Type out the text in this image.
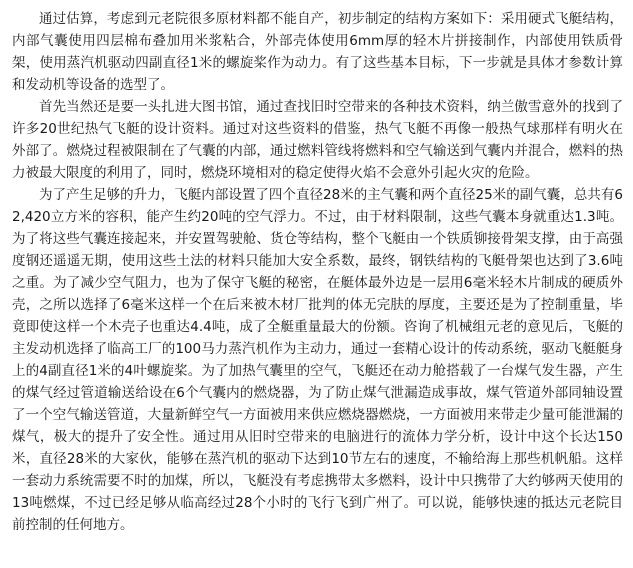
通过估算，考虑到元老院很多原材料都不能自产，初步制定的结构方案如下：采用硬式飞艇结构，内部气囊使用四层棉布叠加用米浆粘合，外部壳体使用6mm厚的轻木片拼接制作，内部使用铁质骨架，使用蒸汽机驱动四副直径1米的螺旋桨作为动力。有了这些基本目标，下一步就是具体才参数计算和发动机等设备的选型了。

首先当然还是要一头扎进大图书馆，通过查找旧时空带来的各种技术资料，纳兰傲雪意外的找到了许多20世纪热气飞艇的设计资料。通过对这些资料的借鉴，热气飞艇不再像一般热气球那样有明火在外部了。燃烧过程被限制在了气囊的内部，通过燃料管线将燃料和空气输送到气囊内并混合，燃料的热力被最大限度的利用了，同时，燃烧环境相对的稳定使得火焰不会意外引起火灾的危险。

为了产生足够的升力，飞艇内部设置了四个直径28米的主气囊和两个直径25米的副气囊，总共有62,420立方米的容积，能产生约20吨的空气浮力。不过，由于材料限制，这些气囊本身就重达1.3吨。为了将这些气囊连接起来，并安置驾驶舱、货仓等结构，整个飞艇由一个铁质铆接骨架支撑，由于高强度钢还遥遥无期，使用这些土法的材料只能加大安全系数，最终，钢铁结构的飞艇骨架也达到了3.6吨之重。为了减少空气阻力，也为了保守飞艇的秘密，在艇体最外边是一层用6毫米轻木片制成的硬质外壳，之所以选择了6毫米这样一个在后来被木材厂批判的体无完肤的厚度，主要还是为了控制重量，毕竟即使这样一个木壳子也重达4.4吨，成了全艇重量最大的份额。咨询了机械组元老的意见后，飞艇的主发动机选择了临高工厂的100马力蒸汽机作为主动力，通过一套精心设计的传动系统，驱动飞艇艇身上的4副直径1米的4叶螺旋桨。为了加热气囊里的空气，飞艇还在动力舱搭载了一台煤气发生器，产生的煤气经过管道输送给设在6个气囊内的燃烧器，为了防止煤气泄漏造成事故，煤气管道外部同轴设置了一个空气输送管道，大量新鲜空气一方面被用来供应燃烧器燃烧，一方面被用来带走少量可能泄漏的煤气，极大的提升了安全性。通过用从旧时空带来的电脑进行的流体力学分析，设计中这个长达150米，直径28米的大家伙，能够在蒸汽机的驱动下达到10节左右的速度，不输给海上那些机帆船。这样一套动力系统需要不时的加煤，所以，飞艇没有考虑携带太多燃料，设计中只携带了大约够两天使用的13吨燃煤，不过已经足够从临高经过28个小时的飞行飞到广州了。可以说，能够快速的抵达元老院目前控制的任何地方。
